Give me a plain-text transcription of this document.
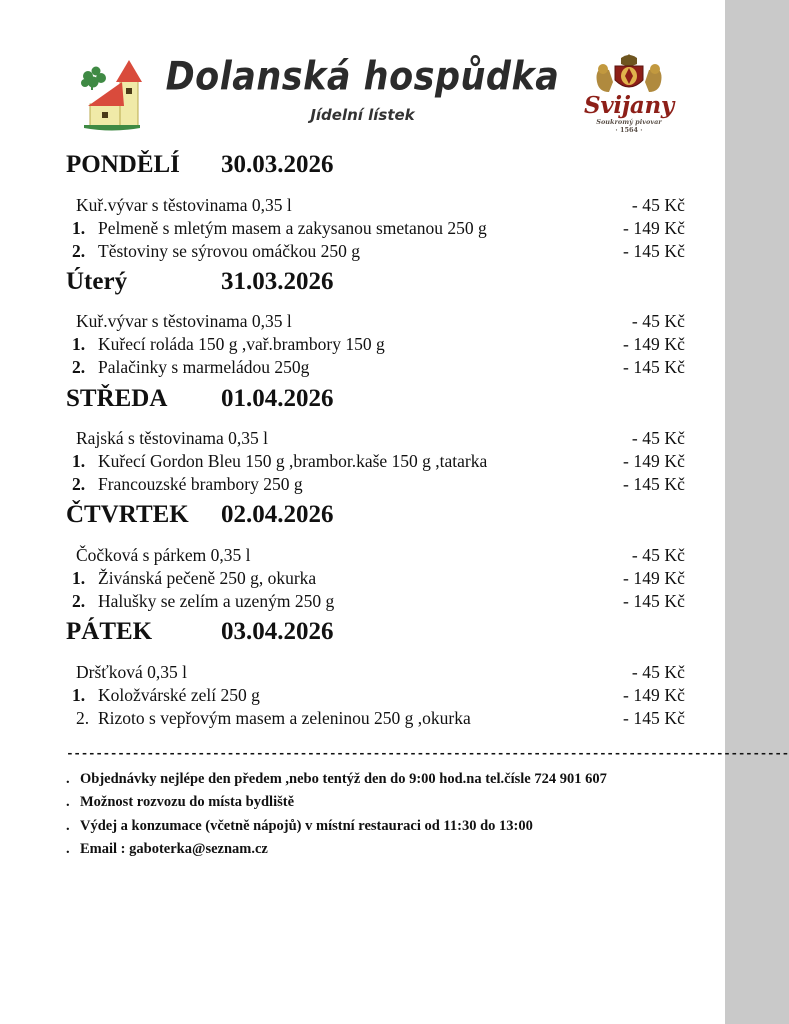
Dolanská hospůdka
Jídelní lístek	Svijany
Soukromý pivovar
· 1564 ·
PONDĚLÍ 30.03.2026
Kuř.vývar s těstovinama 0,35 l	- 45 Kč
1. Pelmeně s mletým masem a zakysanou smetanou 250 g	- 149 Kč
2. Těstoviny se sýrovou omáčkou 250 g	- 145 Kč
Úterý	31.03.2026
Kuř.vývar s těstovinama 0,35 l	- 45 Kč
1. Kuřecí roláda 150 g ,vař.brambory 150 g	- 149 Kč
2. Palačinky s marmeládou 250g	- 145 Kč
STŘEDA 01.04.2026
Rajská s těstovinama 0,35 l	- 45 Kč
1. Kuřecí Gordon Bleu 150 g ,brambor.kaše 150 g ,tatarka	- 149 Kč
2. Francouzské brambory 250 g	- 145 Kč
ČTVRTEK 02.04.2026
Čočková s párkem 0,35 l	- 45 Kč
1. Živánská pečeně 250 g, okurka	- 149 Kč
2. Halušky se zelím a uzeným 250 g	- 145 Kč
PÁTEK	03.04.2026
Dršťková 0,35 l	- 45 Kč
1. Koložvárské zelí 250 g	- 149 Kč
2. Rizoto s vepřovým masem a zeleninou 250 g ,okurka	- 145 Kč
---------------------------------------------------------------------------------------------------
. Objednávky nejlépe den předem ,nebo tentýž den do 9:00 hod.na tel.čísle 724 901 607
. Možnost rozvozu do místa bydliště
. Výdej a konzumace (včetně nápojů) v místní restauraci od 11:30 do 13:00
. Email : gaboterka@seznam.cz
